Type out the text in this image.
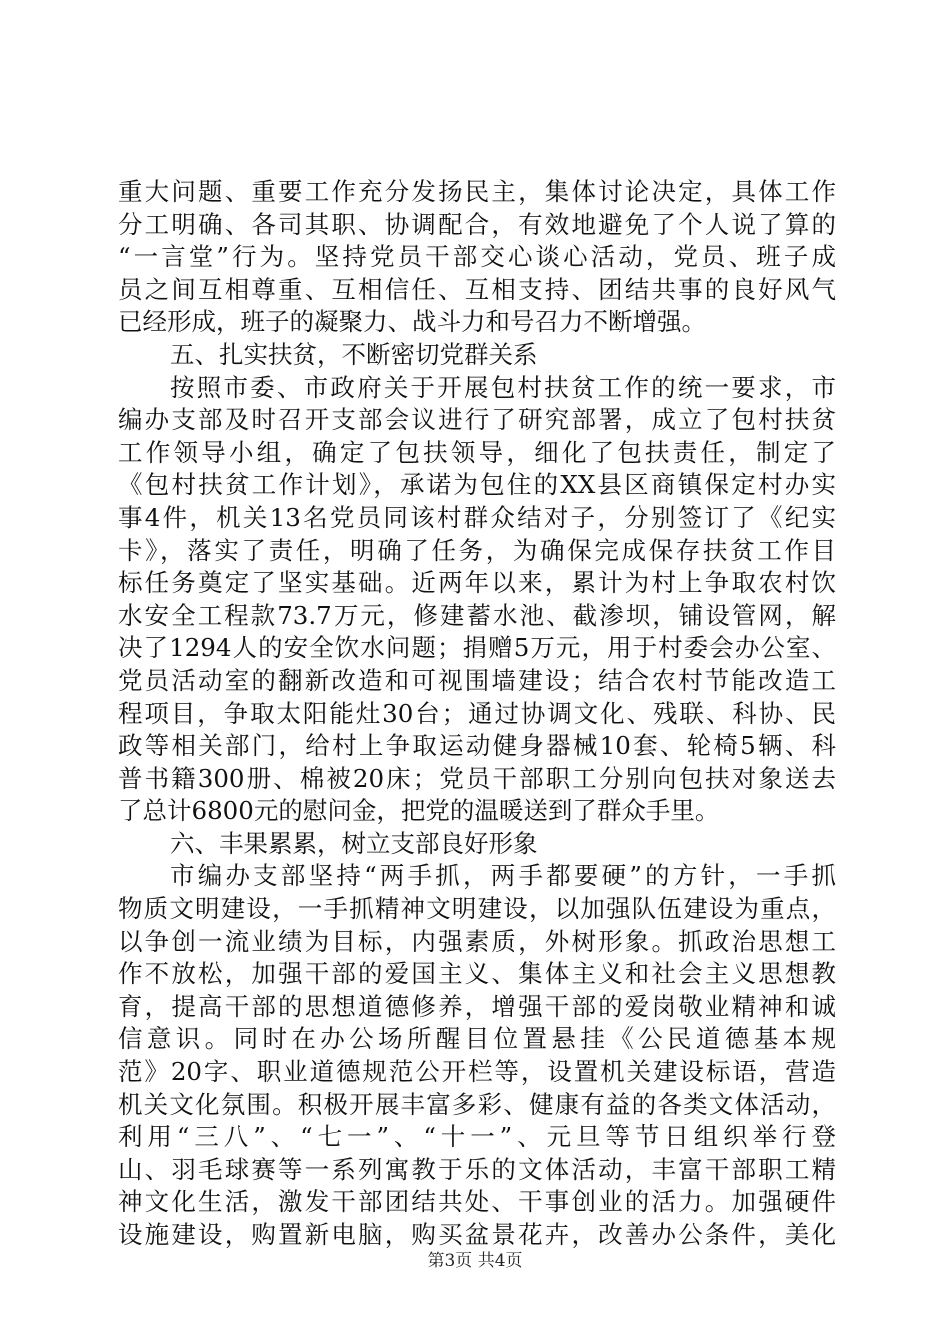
重大问题、重要工作充分发扬民主，集体讨论决定，具体工作
分工明确、各司其职、协调配合，有效地避免了个人说了算的
“一言堂”行为。坚持党员干部交心谈心活动，党员、班子成
员之间互相尊重、互相信任、互相支持、团结共事的良好风气
已经形成，班子的凝聚力、战斗力和号召力不断增强。
五、扎实扶贫，不断密切党群关系
按照市委、市政府关于开展包村扶贫工作的统一要求，市
编办支部及时召开支部会议进行了研究部署，成立了包村扶贫
工作领导小组，确定了包扶领导，细化了包扶责任，制定了
《包村扶贫工作计划》，承诺为包住的XX县区商镇保定村办实
事4件，机关13名党员同该村群众结对子，分别签订了《纪实
卡》，落实了责任，明确了任务，为确保完成保存扶贫工作目
标任务奠定了坚实基础。近两年以来，累计为村上争取农村饮
水安全工程款73.7万元，修建蓄水池、截渗坝，铺设管网，解
决了1294人的安全饮水问题；捐赠5万元，用于村委会办公室、
党员活动室的翻新改造和可视围墙建设；结合农村节能改造工
程项目，争取太阳能灶30台；通过协调文化、残联、科协、民
政等相关部门，给村上争取运动健身器械10套、轮椅5辆、科
普书籍300册、棉被20床；党员干部职工分别向包扶对象送去
了总计6800元的慰问金，把党的温暖送到了群众手里。
六、丰果累累，树立支部良好形象
市编办支部坚持“两手抓，两手都要硬”的方针，一手抓
物质文明建设，一手抓精神文明建设，以加强队伍建设为重点，
以争创一流业绩为目标，内强素质，外树形象。抓政治思想工
作不放松，加强干部的爱国主义、集体主义和社会主义思想教
育，提高干部的思想道德修养，增强干部的爱岗敬业精神和诚
信意识。同时在办公场所醒目位置悬挂《公民道德基本规
范》20字、职业道德规范公开栏等，设置机关建设标语，营造
机关文化氛围。积极开展丰富多彩、健康有益的各类文体活动，
利用“三八”、“七一”、“十一”、元旦等节日组织举行登
山、羽毛球赛等一系列寓教于乐的文体活动，丰富干部职工精
神文化生活，激发干部团结共处、干事创业的活力。加强硬件
设施建设，购置新电脑，购买盆景花卉，改善办公条件，美化
第3页 共4页
